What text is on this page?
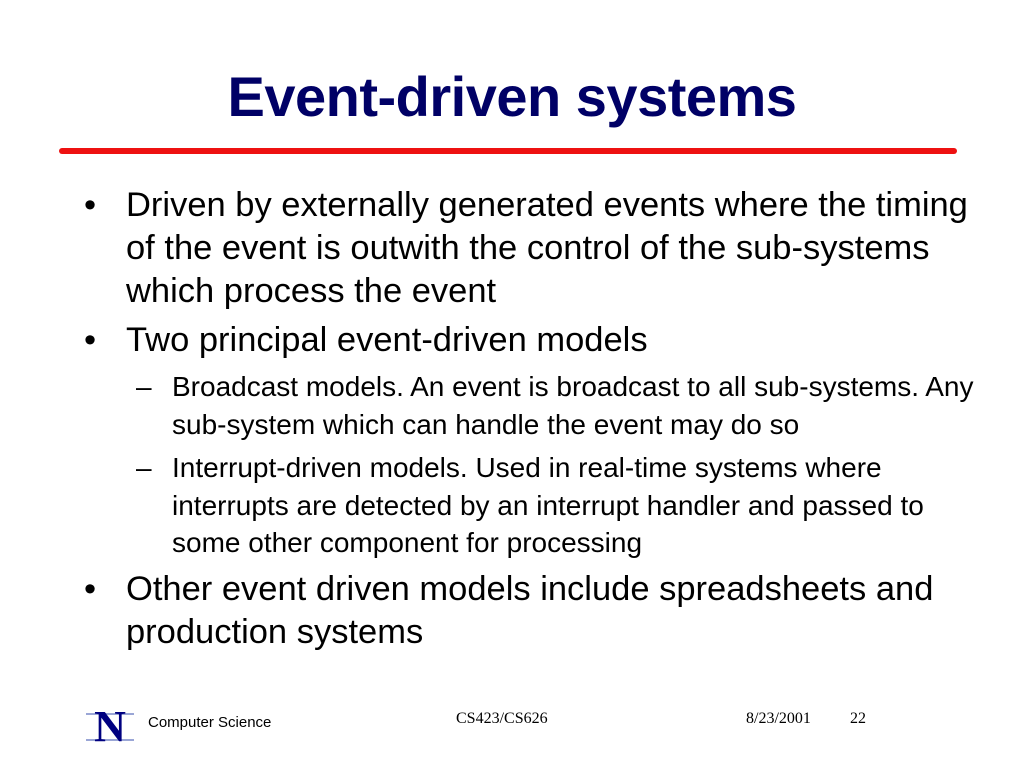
Event-driven systems
• Driven by externally generated events where the timing of the event is outwith the control of the sub-systems which process the event
• Two principal event-driven models
– Broadcast models. An event is broadcast to all sub-systems. Any sub-system which can handle the event may do so
– Interrupt-driven models. Used in real-time systems where interrupts are detected by an interrupt handler and passed to some other component for processing
• Other event driven models include spreadsheets and production systems
N	Computer Science	CS423/CS626	8/23/2001 22
